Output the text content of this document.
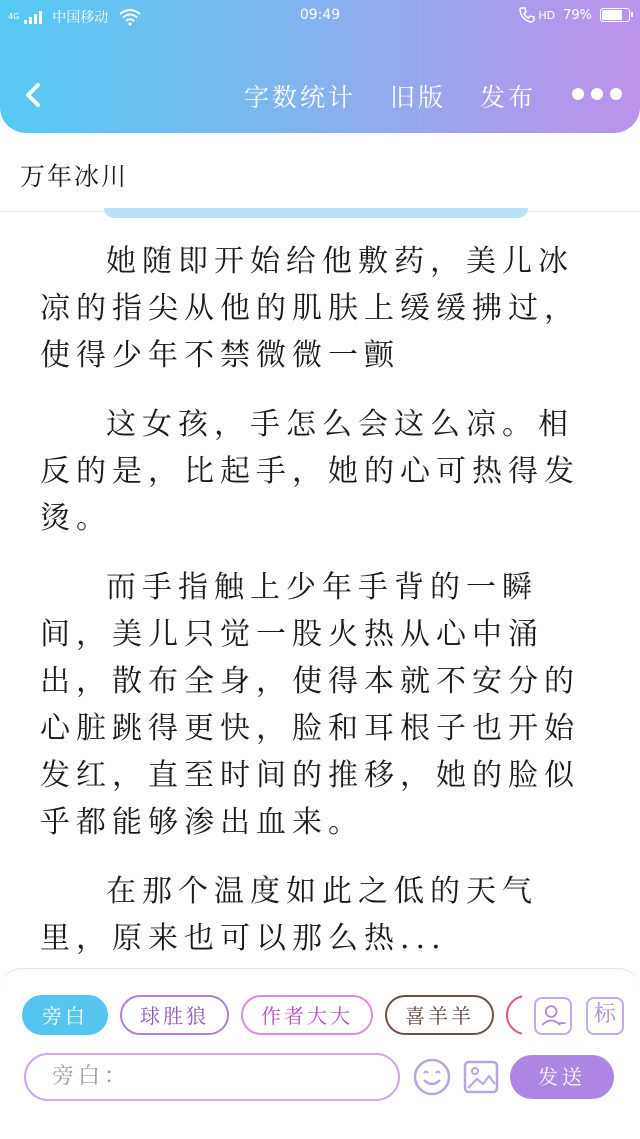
4G 中国移动	09:49	HD 79%
字数统计 旧版 发布
万年冰川

她随即开始给他敷药，美儿冰凉的指尖从他的肌肤上缓缓拂过，使得少年不禁微微一颤

这女孩，手怎么会这么凉。相反的是，比起手，她的心可热得发烫。

而手指触上少年手背的一瞬间，美儿只觉一股火热从心中涌出，散布全身，使得本就不安分的心脏跳得更快，脸和耳根子也开始发红，直至时间的推移，她的脸似乎都能够渗出血来。

在那个温度如此之低的天气里，原来也可以那么热...

旁白	球胜狼	作者大大	喜羊羊	标
旁白：	发送
